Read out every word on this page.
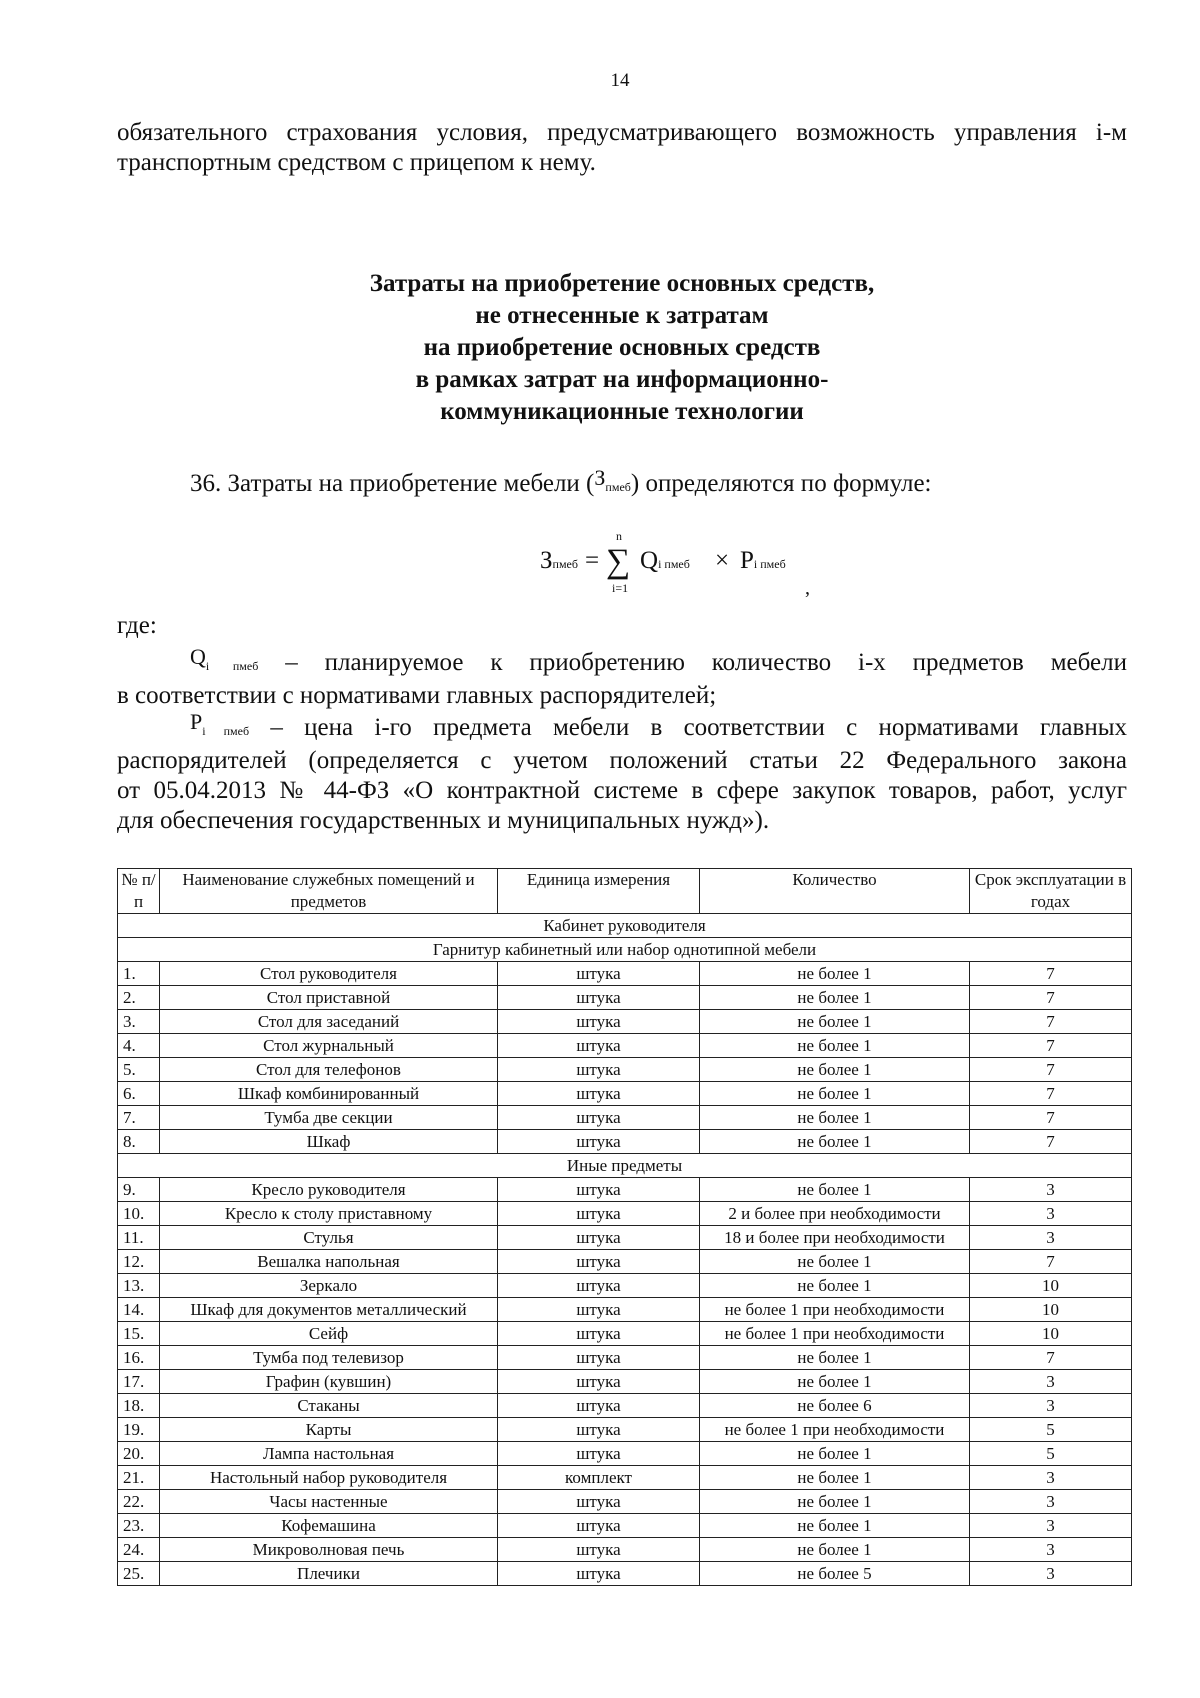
14
обязательного страхования условия, предусматривающего возможность управления i-м
транспортным средством с прицепом к нему.
Затраты на приобретение основных средств,
не отнесенные к затратам
на приобретение основных средств
в рамках затрат на информационно-
коммуникационные технологии
36. Затраты на приобретение мебели (Зпмеб) определяются по формуле:
Зпмеб =
n
∑
i=1
Qi пмеб × Pi пмеб
,
где:
Qi пмеб – планируемое к приобретению количество i-х предметов мебели
в соответствии с нормативами главных распорядителей;
Pi пмеб – цена i-го предмета мебели в соответствии с нормативами главных
распорядителей (определяется с учетом положений статьи 22 Федерального закона
от 05.04.2013 № 44-ФЗ «О контрактной системе в сфере закупок товаров, работ, услуг
для обеспечения государственных и муниципальных нужд»).
№ п/п	Наименование служебных помещений и предметов	Единица измерения	Количество	Срок эксплуатации в годах
Кабинет руководителя				
Гарнитур кабинетный или набор однотипной мебели				
1.	Стол руководителя	штука	не более 1	7
2.	Стол приставной	штука	не более 1	7
3.	Стол для заседаний	штука	не более 1	7
4.	Стол журнальный	штука	не более 1	7
5.	Стол для телефонов	штука	не более 1	7
6.	Шкаф комбинированный	штука	не более 1	7
7.	Тумба две секции	штука	не более 1	7
8.	Шкаф	штука	не более 1	7
Иные предметы				
9.	Кресло руководителя	штука	не более 1	3
10.	Кресло к столу приставному	штука	2 и более при необходимости	3
11.	Стулья	штука	18 и более при необходимости	3
12.	Вешалка напольная	штука	не более 1	7
13.	Зеркало	штука	не более 1	10
14.	Шкаф для документов металлический	штука	не более 1 при необходимости	10
15.	Сейф	штука	не более 1 при необходимости	10
16.	Тумба под телевизор	штука	не более 1	7
17.	Графин (кувшин)	штука	не более 1	3
18.	Стаканы	штука	не более 6	3
19.	Карты	штука	не более 1 при необходимости	5
20.	Лампа настольная	штука	не более 1	5
21.	Настольный набор руководителя	комплект	не более 1	3
22.	Часы настенные	штука	не более 1	3
23.	Кофемашина	штука	не более 1	3
24.	Микроволновая печь	штука	не более 1	3
25.	Плечики	штука	не более 5	3
